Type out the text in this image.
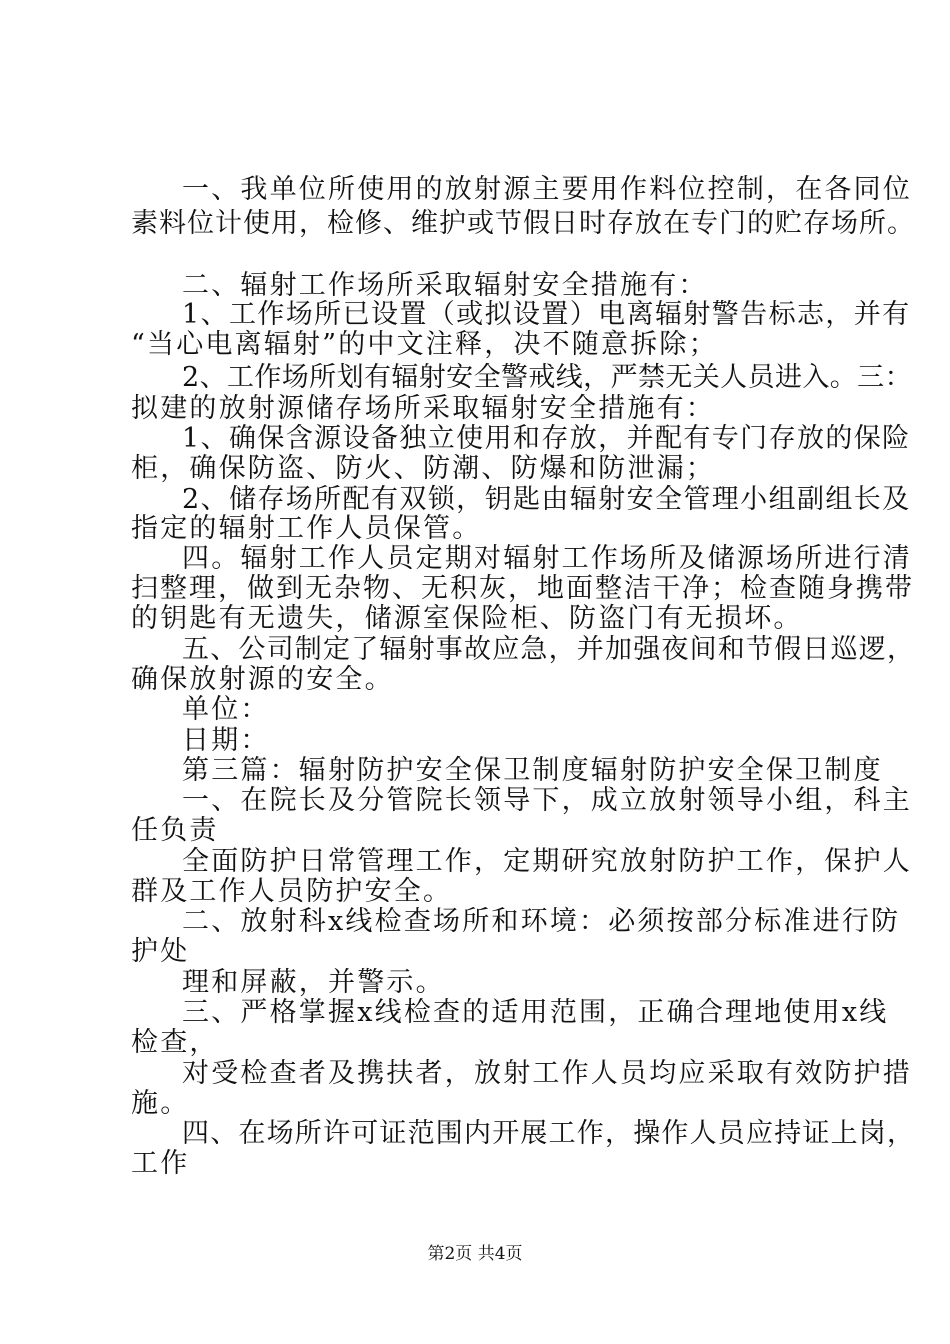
一、我单位所使用的放射源主要用作料位控制，在各同位
素料位计使用，检修、维护或节假日时存放在专门的贮存场所。
二、辐射工作场所采取辐射安全措施有：
1、工作场所已设置（或拟设置）电离辐射警告标志，并有
“当心电离辐射”的中文注释，决不随意拆除；
2、工作场所划有辐射安全警戒线，严禁无关人员进入。三：
拟建的放射源储存场所采取辐射安全措施有：
1、确保含源设备独立使用和存放，并配有专门存放的保险
柜，确保防盗、防火、防潮、防爆和防泄漏；
2、储存场所配有双锁，钥匙由辐射安全管理小组副组长及
指定的辐射工作人员保管。
四。辐射工作人员定期对辐射工作场所及储源场所进行清
扫整理，做到无杂物、无积灰，地面整洁干净；检查随身携带
的钥匙有无遗失，储源室保险柜、防盗门有无损坏。
五、公司制定了辐射事故应急，并加强夜间和节假日巡逻，
确保放射源的安全。
单位：
日期：
第三篇：辐射防护安全保卫制度辐射防护安全保卫制度
一、在院长及分管院长领导下，成立放射领导小组，科主
任负责
全面防护日常管理工作，定期研究放射防护工作，保护人
群及工作人员防护安全。
二、放射科x线检查场所和环境：必须按部分标准进行防
护处
理和屏蔽，并警示。
三、严格掌握x线检查的适用范围，正确合理地使用x线
检查，
对受检查者及携扶者，放射工作人员均应采取有效防护措
施。
四、在场所许可证范围内开展工作，操作人员应持证上岗，
工作
第2页 共4页
